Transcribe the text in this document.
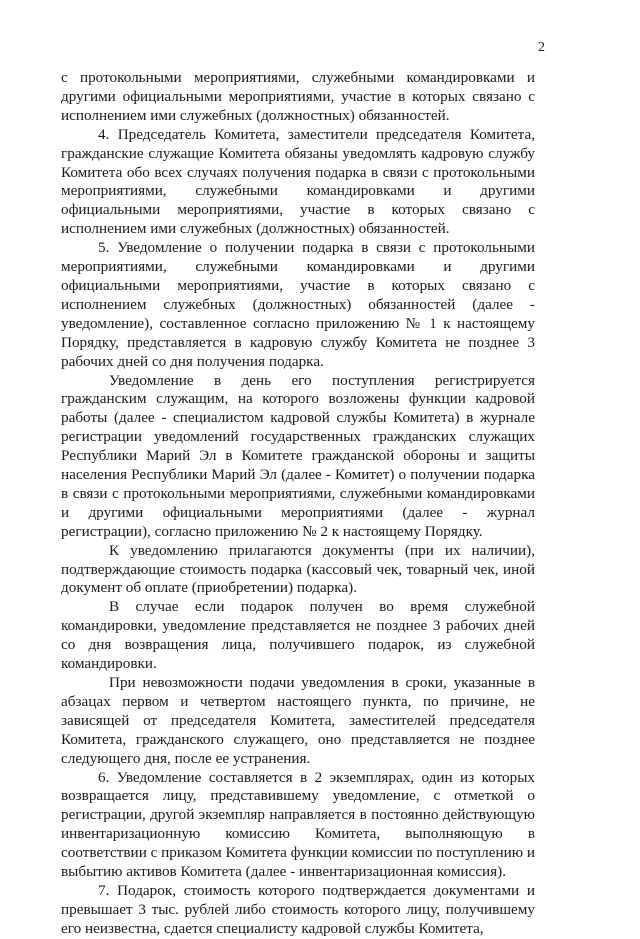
2

с протокольными мероприятиями, служебными командировками и другими официальными мероприятиями, участие в которых связано с исполнением ими служебных (должностных) обязанностей.

4. Председатель Комитета, заместители председателя Комитета, гражданские служащие Комитета обязаны уведомлять кадровую службу Комитета обо всех случаях получения подарка в связи с протокольными мероприятиями, служебными командировками и другими официальными мероприятиями, участие в которых связано с исполнением ими служебных (должностных) обязанностей.

5. Уведомление о получении подарка в связи с протокольными мероприятиями, служебными командировками и другими официальными мероприятиями, участие в которых связано с исполнением служебных (должностных) обязанностей (далее - уведомление), составленное согласно приложению № 1 к настоящему Порядку, представляется в кадровую службу Комитета не позднее 3 рабочих дней со дня получения подарка.

Уведомление в день его поступления регистрируется гражданским служащим, на которого возложены функции кадровой работы (далее - специалистом кадровой службы Комитета) в журнале регистрации уведомлений государственных гражданских служащих Республики Марий Эл в Комитете гражданской обороны и защиты населения Республики Марий Эл (далее - Комитет) о получении подарка в связи с протокольными мероприятиями, служебными командировками и другими официальными мероприятиями (далее - журнал регистрации), согласно приложению № 2 к настоящему Порядку.

К уведомлению прилагаются документы (при их наличии), подтверждающие стоимость подарка (кассовый чек, товарный чек, иной документ об оплате (приобретении) подарка).

В случае если подарок получен во время служебной командировки, уведомление представляется не позднее 3 рабочих дней со дня возвращения лица, получившего подарок, из служебной командировки.

При невозможности подачи уведомления в сроки, указанные в абзацах первом и четвертом настоящего пункта, по причине, не зависящей от председателя Комитета, заместителей председателя Комитета, гражданского служащего, оно представляется не позднее следующего дня, после ее устранения.

6. Уведомление составляется в 2 экземплярах, один из которых возвращается лицу, представившему уведомление, с отметкой о регистрации, другой экземпляр направляется в постоянно действующую инвентаризационную комиссию Комитета, выполняющую в соответствии с приказом Комитета функции комиссии по поступлению и выбытию активов Комитета (далее - инвентаризационная комиссия).

7. Подарок, стоимость которого подтверждается документами и превышает 3 тыс. рублей либо стоимость которого лицу, получившему его неизвестна, сдается специалисту кадровой службы Комитета,
